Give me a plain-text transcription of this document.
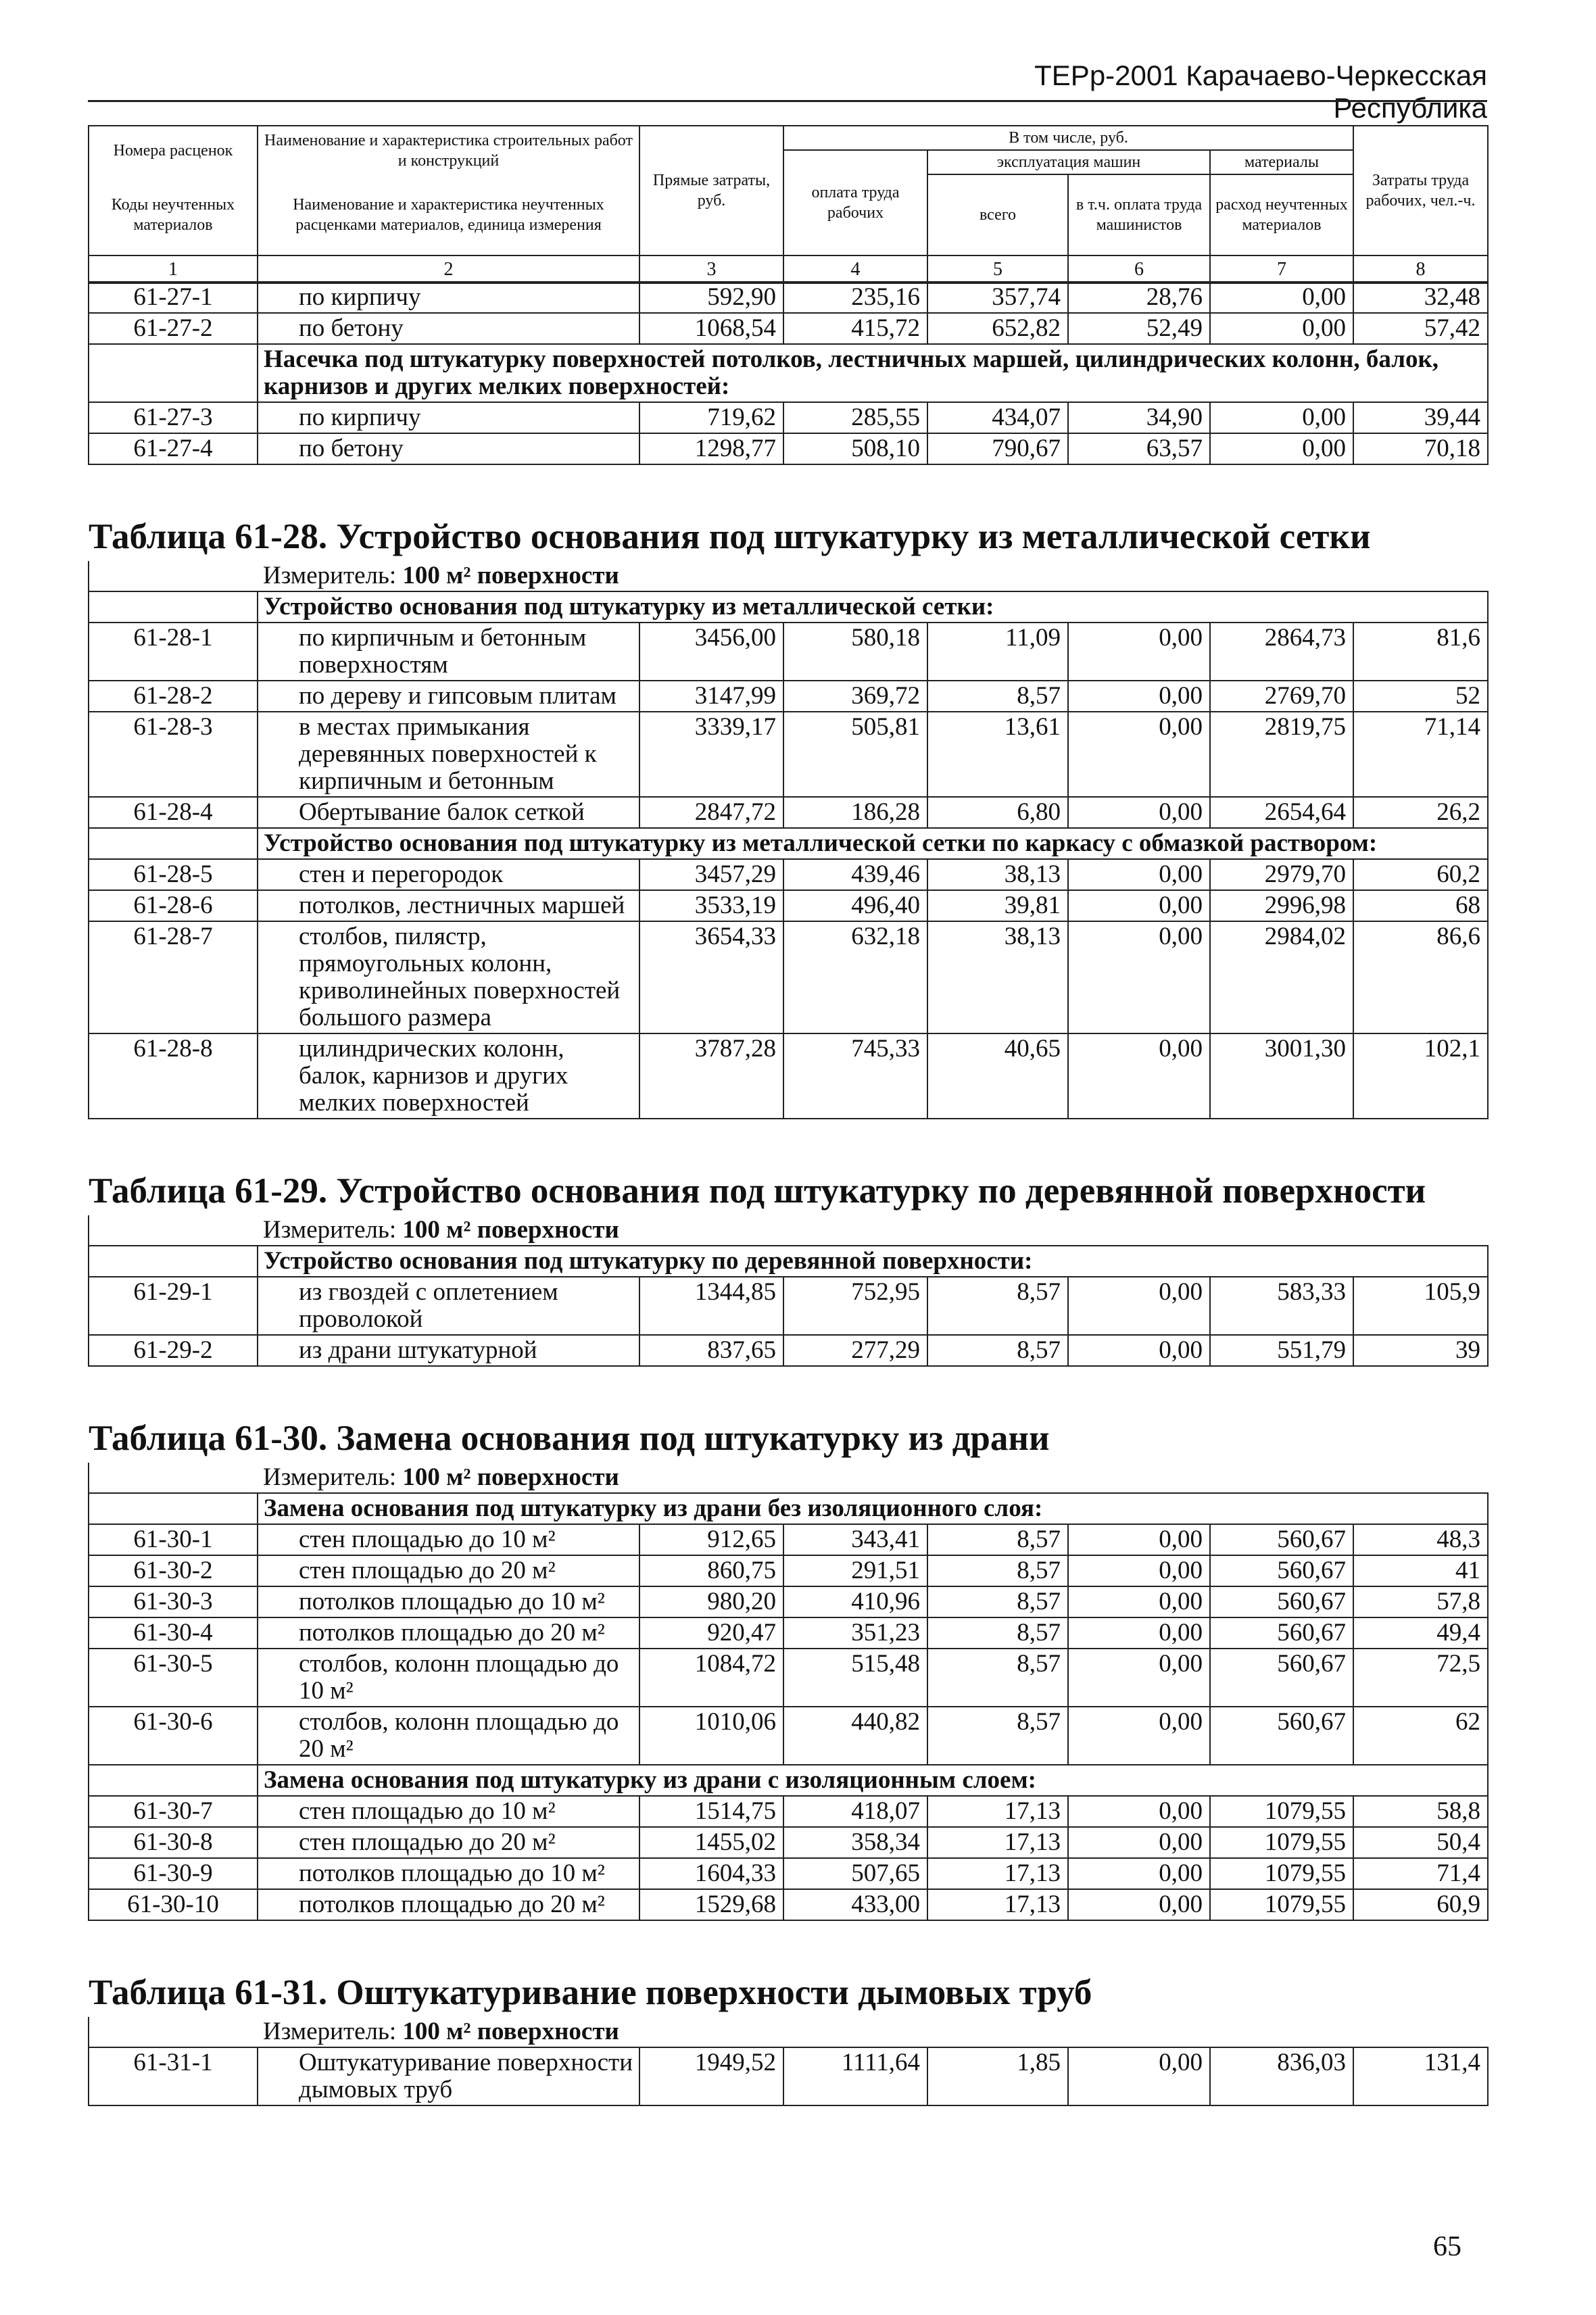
ТЕРр-2001 Карачаево-Черкесская Республика
Номера расценок	Наименование и характеристика строительных работ и конструкций	Прямые затраты, руб.	В том числе, руб.				Затраты труда рабочих, чел.-ч.
			оплата труда рабочих	эксплуатация машин		материалы	
Коды неучтенных материалов	Наименование и характеристика неучтенных расценками материалов, единица измерения			всего	в т.ч. оплата труда машинистов	расход неучтенных материалов	

1	2	3	4	5	6	7	8
61-27-1	по кирпичу	592,90	235,16	357,74	28,76	0,00	32,48
61-27-2	по бетону	1068,54	415,72	652,82	52,49	0,00	57,42
	Насечка под штукатурку поверхностей потолков, лестничных маршей, цилиндрических колонн, балок, карнизов и других мелких поверхностей:						
61-27-3	по кирпичу	719,62	285,55	434,07	34,90	0,00	39,44
61-27-4	по бетону	1298,77	508,10	790,67	63,57	0,00	70,18

Таблица 61-28. Устройство основания под штукатурку из металлической сетки							
	Измеритель: 100 м² поверхности						
	Устройство основания под штукатурку из металлической сетки:						
61-28-1	по кирпичным и бетонным поверхностям	3456,00	580,18	11,09	0,00	2864,73	81,6
61-28-2	по дереву и гипсовым плитам	3147,99	369,72	8,57	0,00	2769,70	52
61-28-3	в местах примыкания деревянных поверхностей к кирпичным и бетонным	3339,17	505,81	13,61	0,00	2819,75	71,14
61-28-4	Обертывание балок сеткой	2847,72	186,28	6,80	0,00	2654,64	26,2
	Устройство основания под штукатурку из металлической сетки по каркасу с обмазкой раствором:						
61-28-5	стен и перегородок	3457,29	439,46	38,13	0,00	2979,70	60,2
61-28-6	потолков, лестничных маршей	3533,19	496,40	39,81	0,00	2996,98	68
61-28-7	столбов, пилястр, прямоугольных колонн, криволинейных поверхностей большого размера	3654,33	632,18	38,13	0,00	2984,02	86,6
61-28-8	цилиндрических колонн, балок, карнизов и других мелких поверхностей	3787,28	745,33	40,65	0,00	3001,30	102,1

Таблица 61-29. Устройство основания под штукатурку по деревянной поверхности							
	Измеритель: 100 м² поверхности						
	Устройство основания под штукатурку по деревянной поверхности:						
61-29-1	из гвоздей с оплетением проволокой	1344,85	752,95	8,57	0,00	583,33	105,9
61-29-2	из драни штукатурной	837,65	277,29	8,57	0,00	551,79	39

Таблица 61-30. Замена основания под штукатурку из драни							
	Измеритель: 100 м² поверхности						
	Замена основания под штукатурку из драни без изоляционного слоя:						
61-30-1	стен площадью до 10 м²	912,65	343,41	8,57	0,00	560,67	48,3
61-30-2	стен площадью до 20 м²	860,75	291,51	8,57	0,00	560,67	41
61-30-3	потолков площадью до 10 м²	980,20	410,96	8,57	0,00	560,67	57,8
61-30-4	потолков площадью до 20 м²	920,47	351,23	8,57	0,00	560,67	49,4
61-30-5	столбов, колонн площадью до 10 м²	1084,72	515,48	8,57	0,00	560,67	72,5
61-30-6	столбов, колонн площадью до 20 м²	1010,06	440,82	8,57	0,00	560,67	62
	Замена основания под штукатурку из драни с изоляционным слоем:						
61-30-7	стен площадью до 10 м²	1514,75	418,07	17,13	0,00	1079,55	58,8
61-30-8	стен площадью до 20 м²	1455,02	358,34	17,13	0,00	1079,55	50,4
61-30-9	потолков площадью до 10 м²	1604,33	507,65	17,13	0,00	1079,55	71,4
61-30-10	потолков площадью до 20 м²	1529,68	433,00	17,13	0,00	1079,55	60,9

Таблица 61-31. Оштукатуривание поверхности дымовых труб							
	Измеритель: 100 м² поверхности						
61-31-1	Оштукатуривание поверхности дымовых труб	1949,52	1111,64	1,85	0,00	836,03	131,4
65
